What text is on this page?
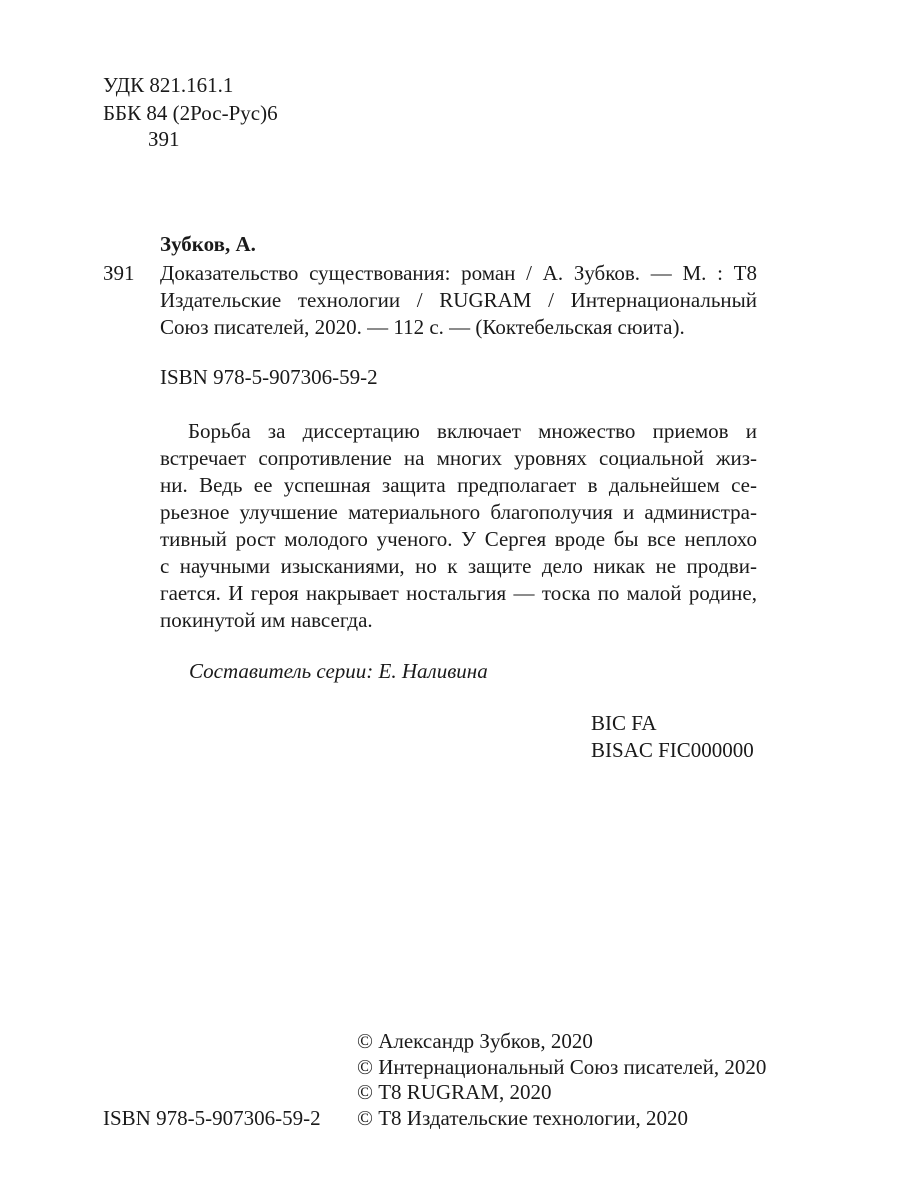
УДК 821.161.1
ББК 84 (2Рос-Рус)6
З91
Зубков, А.
З91 Доказательство существования: роман / А. Зубков. — М. : Т8
Издательские технологии / RUGRAM / Интернациональный
Союз писателей, 2020. — 112 с. — (Коктебельская сюита).
ISBN 978-5-907306-59-2
Борьба за диссертацию включает множество приемов и
встречает сопротивление на многих уровнях социальной жиз-
ни. Ведь ее успешная защита предполагает в дальнейшем се-
рьезное улучшение материального благополучия и администра-
тивный рост молодого ученого. У Сергея вроде бы все неплохо
с научными изысканиями, но к защите дело никак не продви-
гается. И героя накрывает ностальгия — тоска по малой родине,
покинутой им навсегда.
Составитель серии: Е. Наливина
BIC FA
BISAC FIC000000
© Александр Зубков, 2020
© Интернациональный Союз писателей, 2020
© Т8 RUGRAM, 2020
© Т8 Издательские технологии, 2020
ISBN 978-5-907306-59-2
